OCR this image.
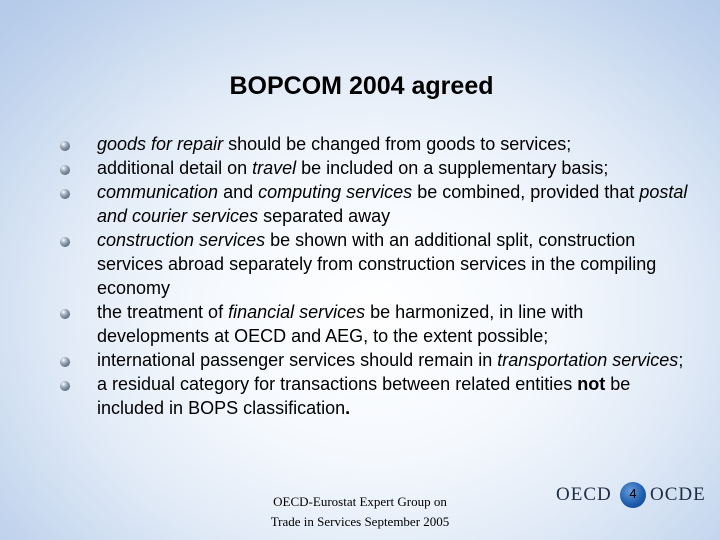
BOPCOM 2004 agreed
goods for repair should be changed from goods to services;
additional detail on travel be included on a supplementary basis;
communication and computing services be combined, provided that postal and courier services separated away
construction services be shown with an additional split, construction services abroad separately from construction services in the compiling economy
the treatment of financial services be harmonized, in line with developments at OECD and AEG, to the extent possible;
international passenger services should remain in transportation services;
a residual category for transactions between related entities not be included in BOPS classification.
OECD-Eurostat Expert Group on
Trade in Services September 2005
OECD	4 OCDE
